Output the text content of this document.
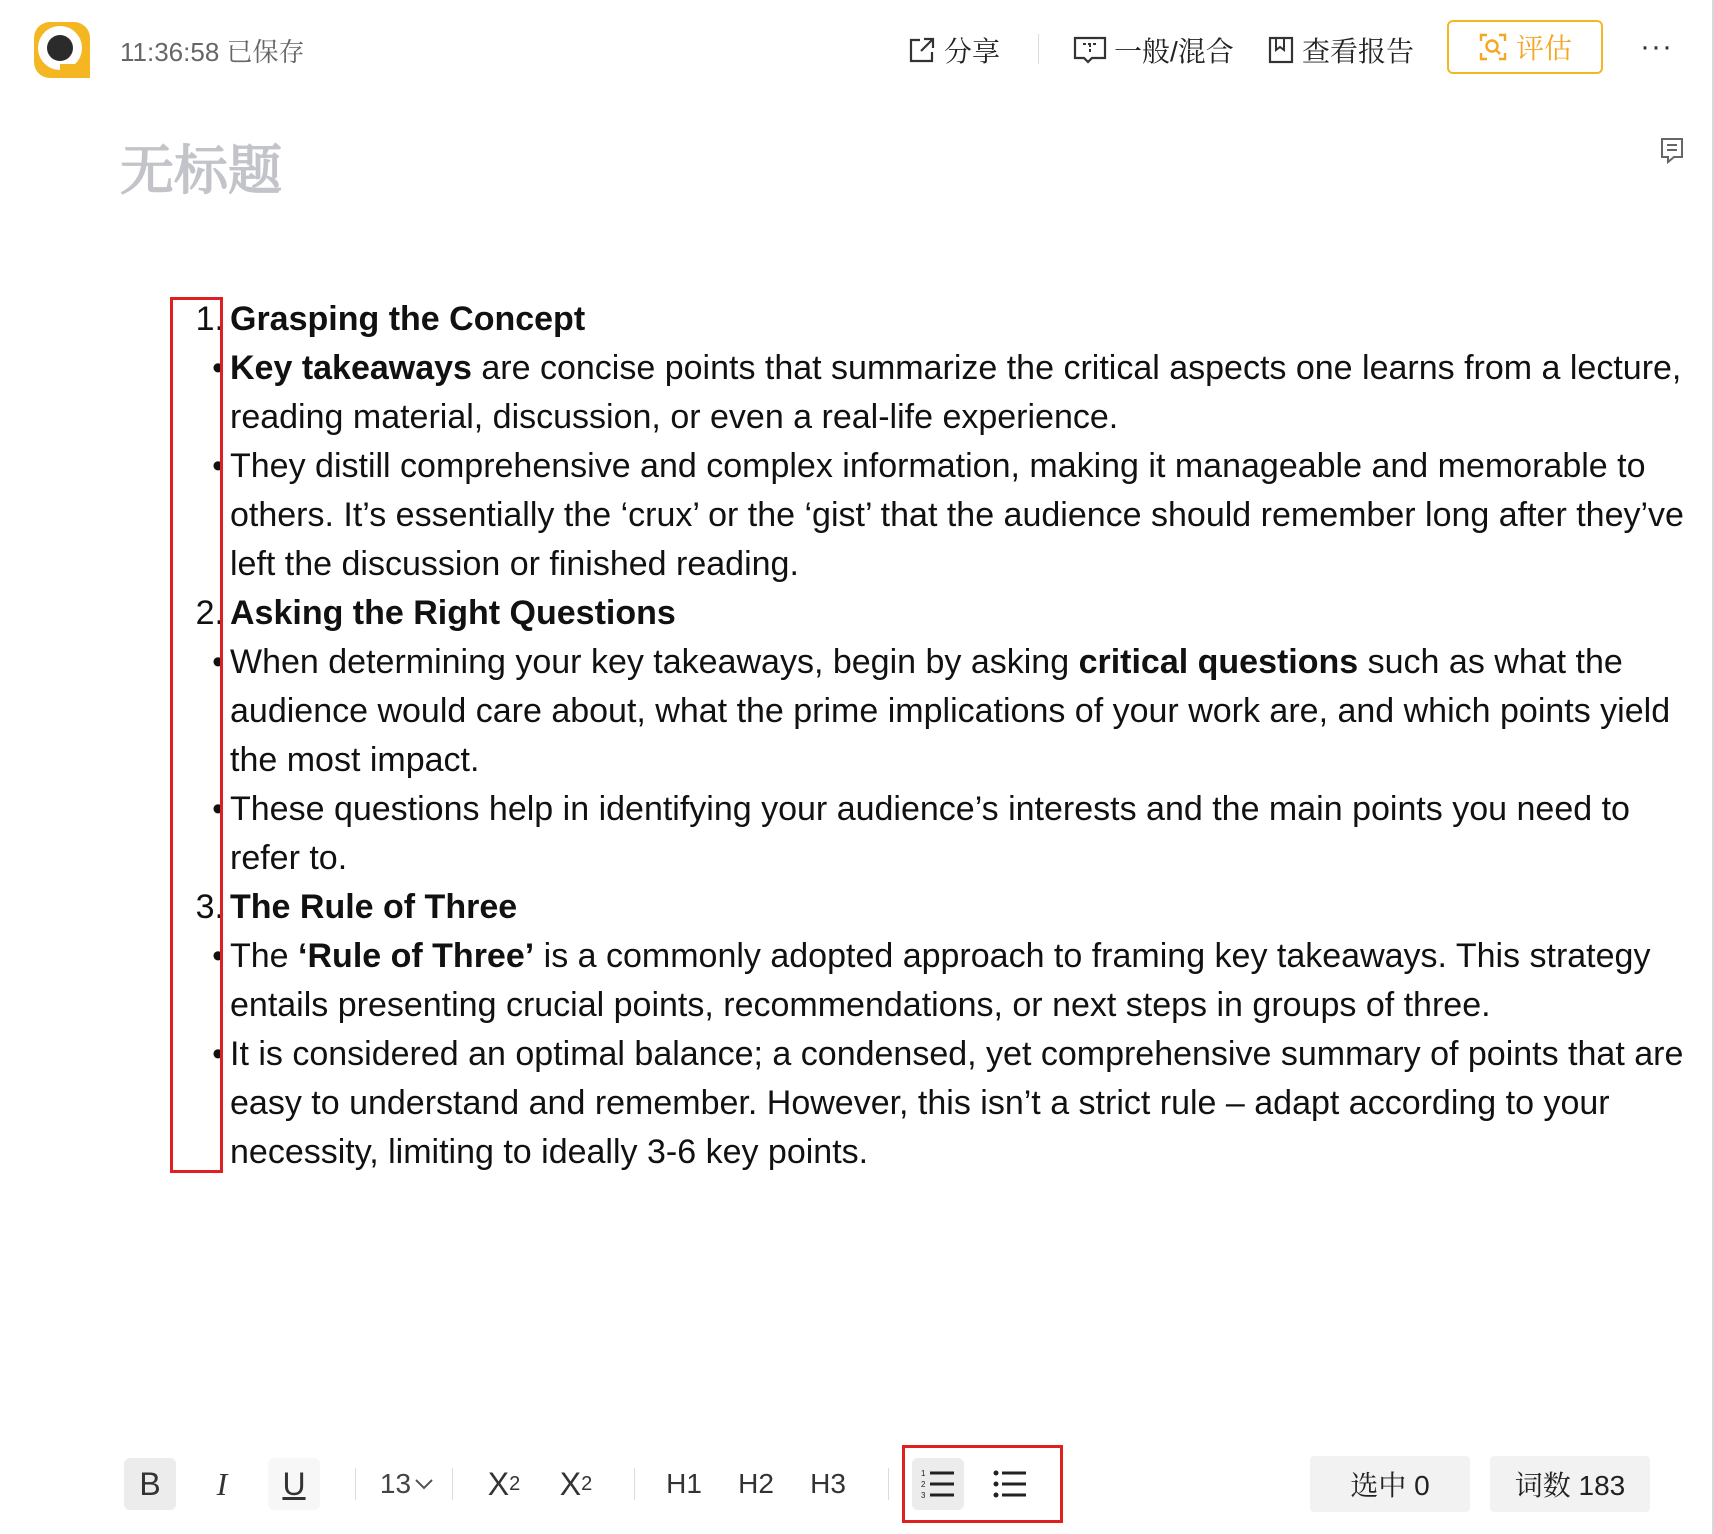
11:36:58 已保存	分享	一般/混合 查看报告	评估 ···
无标题
1. Grasping the Concept
• Key takeaways are concise points that summarize the critical aspects one learns from a lecture, reading material, discussion, or even a real-life experience.
• They distill comprehensive and complex information, making it manageable and memorable to others. It’s essentially the ‘crux’ or the ‘gist’ that the audience should remember long after they’ve left the discussion or finished reading.
2. Asking the Right Questions
• When determining your key takeaways, begin by asking critical questions such as what the audience would care about, what the prime implications of your work are, and which points yield the most impact.
• These questions help in identifying your audience’s interests and the main points you need to refer to.
3. The Rule of Three
• The ‘Rule of Three’ is a commonly adopted approach to framing key takeaways. This strategy entails presenting crucial points, recommendations, or next steps in groups of three.
• It is considered an optimal balance; a condensed, yet comprehensive summary of points that are easy to understand and remember. However, this isn’t a strict rule – adapt according to your necessity, limiting to ideally 3-6 key points.
B	I	U	13 X 2 X 2	H1 H2 H3	1
2
3	选中 0	词数 183
